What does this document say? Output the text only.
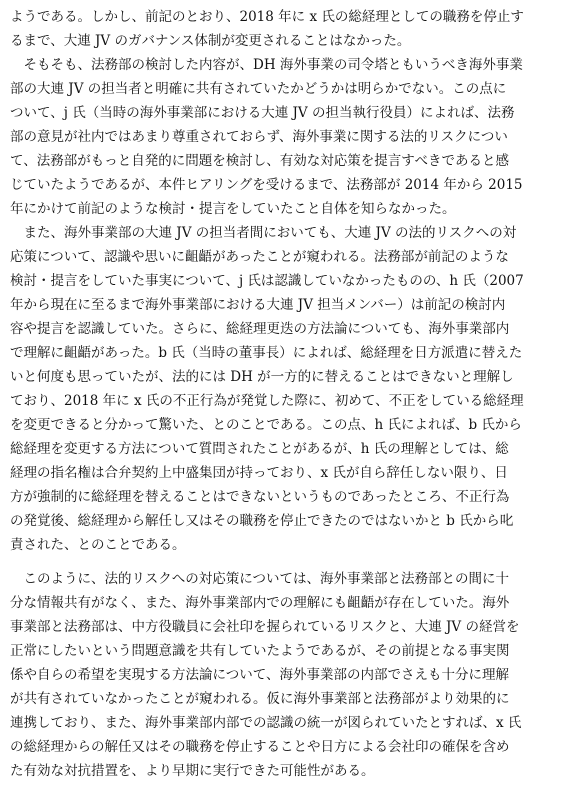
ようである。しかし、前記のとおり、2018 年に x 氏の総経理としての職務を停止す
るまで、大連 JV のガバナンス体制が変更されることはなかった。
　そもそも、法務部の検討した内容が、DH 海外事業の司令塔ともいうべき海外事業
部の大連 JV の担当者と明確に共有されていたかどうかは明らかでない。この点に
ついて、j 氏（当時の海外事業部における大連 JV の担当執行役員）によれば、法務
部の意見が社内ではあまり尊重されておらず、海外事業に関する法的リスクについ
て、法務部がもっと自発的に問題を検討し、有効な対応策を提言すべきであると感
じていたようであるが、本件ヒアリングを受けるまで、法務部が 2014 年から 2015
年にかけて前記のような検討・提言をしていたこと自体を知らなかった。
　また、海外事業部の大連 JV の担当者間においても、大連 JV の法的リスクへの対
応策について、認識や思いに齟齬があったことが窺われる。法務部が前記のような
検討・提言をしていた事実について、j 氏は認識していなかったものの、h 氏（2007
年から現在に至るまで海外事業部における大連 JV 担当メンバー）は前記の検討内
容や提言を認識していた。さらに、総経理更迭の方法論についても、海外事業部内
で理解に齟齬があった。b 氏（当時の董事長）によれば、総経理を日方派遣に替えた
いと何度も思っていたが、法的には DH が一方的に替えることはできないと理解し
ており、2018 年に x 氏の不正行為が発覚した際に、初めて、不正をしている総経理
を変更できると分かって驚いた、とのことである。この点、h 氏によれば、b 氏から
総経理を変更する方法について質問されたことがあるが、h 氏の理解としては、総
経理の指名権は合弁契約上中盛集団が持っており、x 氏が自ら辞任しない限り、日
方が強制的に総経理を替えることはできないというものであったところ、不正行為
の発覚後、総経理から解任し又はその職務を停止できたのではないかと b 氏から叱
責された、とのことである。
　このように、法的リスクへの対応策については、海外事業部と法務部との間に十
分な情報共有がなく、また、海外事業部内での理解にも齟齬が存在していた。海外
事業部と法務部は、中方役職員に会社印を握られているリスクと、大連 JV の経営を
正常にしたいという問題意識を共有していたようであるが、その前提となる事実関
係や自らの希望を実現する方法論について、海外事業部の内部でさえも十分に理解
が共有されていなかったことが窺われる。仮に海外事業部と法務部がより効果的に
連携しており、また、海外事業部内部での認識の統一が図られていたとすれば、x 氏
の総経理からの解任又はその職務を停止することや日方による会社印の確保を含め
た有効な対抗措置を、より早期に実行できた可能性がある。
